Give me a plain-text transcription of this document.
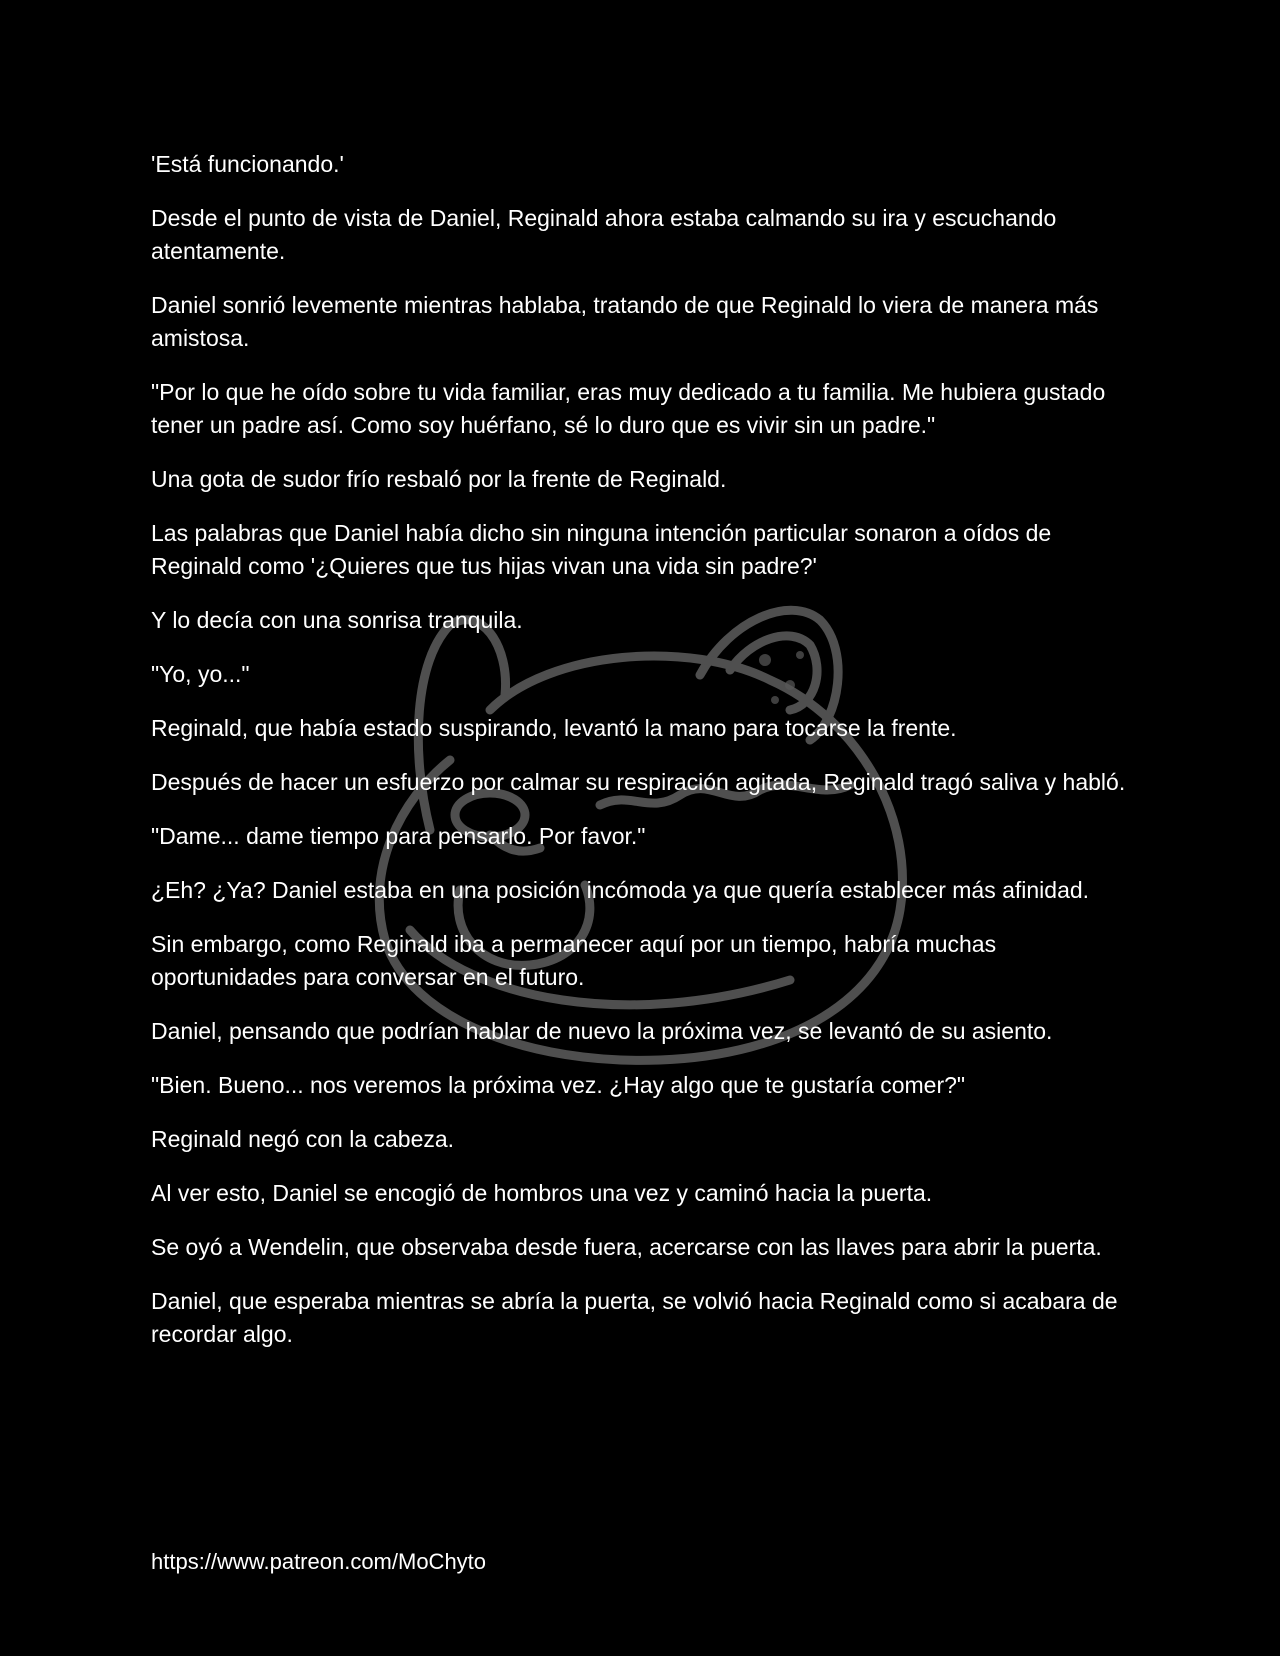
'Está funcionando.'

Desde el punto de vista de Daniel, Reginald ahora estaba calmando su ira y escuchando atentamente.

Daniel sonrió levemente mientras hablaba, tratando de que Reginald lo viera de manera más amistosa.

"Por lo que he oído sobre tu vida familiar, eras muy dedicado a tu familia. Me hubiera gustado tener un padre así. Como soy huérfano, sé lo duro que es vivir sin un padre."

Una gota de sudor frío resbaló por la frente de Reginald.

Las palabras que Daniel había dicho sin ninguna intención particular sonaron a oídos de Reginald como '¿Quieres que tus hijas vivan una vida sin padre?'

Y lo decía con una sonrisa tranquila.

"Yo, yo..."

Reginald, que había estado suspirando, levantó la mano para tocarse la frente.

Después de hacer un esfuerzo por calmar su respiración agitada, Reginald tragó saliva y habló.

"Dame... dame tiempo para pensarlo. Por favor."

¿Eh? ¿Ya? Daniel estaba en una posición incómoda ya que quería establecer más afinidad.

Sin embargo, como Reginald iba a permanecer aquí por un tiempo, habría muchas oportunidades para conversar en el futuro.

Daniel, pensando que podrían hablar de nuevo la próxima vez, se levantó de su asiento.

"Bien. Bueno... nos veremos la próxima vez. ¿Hay algo que te gustaría comer?"

Reginald negó con la cabeza.

Al ver esto, Daniel se encogió de hombros una vez y caminó hacia la puerta.

Se oyó a Wendelin, que observaba desde fuera, acercarse con las llaves para abrir la puerta.

Daniel, que esperaba mientras se abría la puerta, se volvió hacia Reginald como si acabara de recordar algo.

https://www.patreon.com/MoChyto
